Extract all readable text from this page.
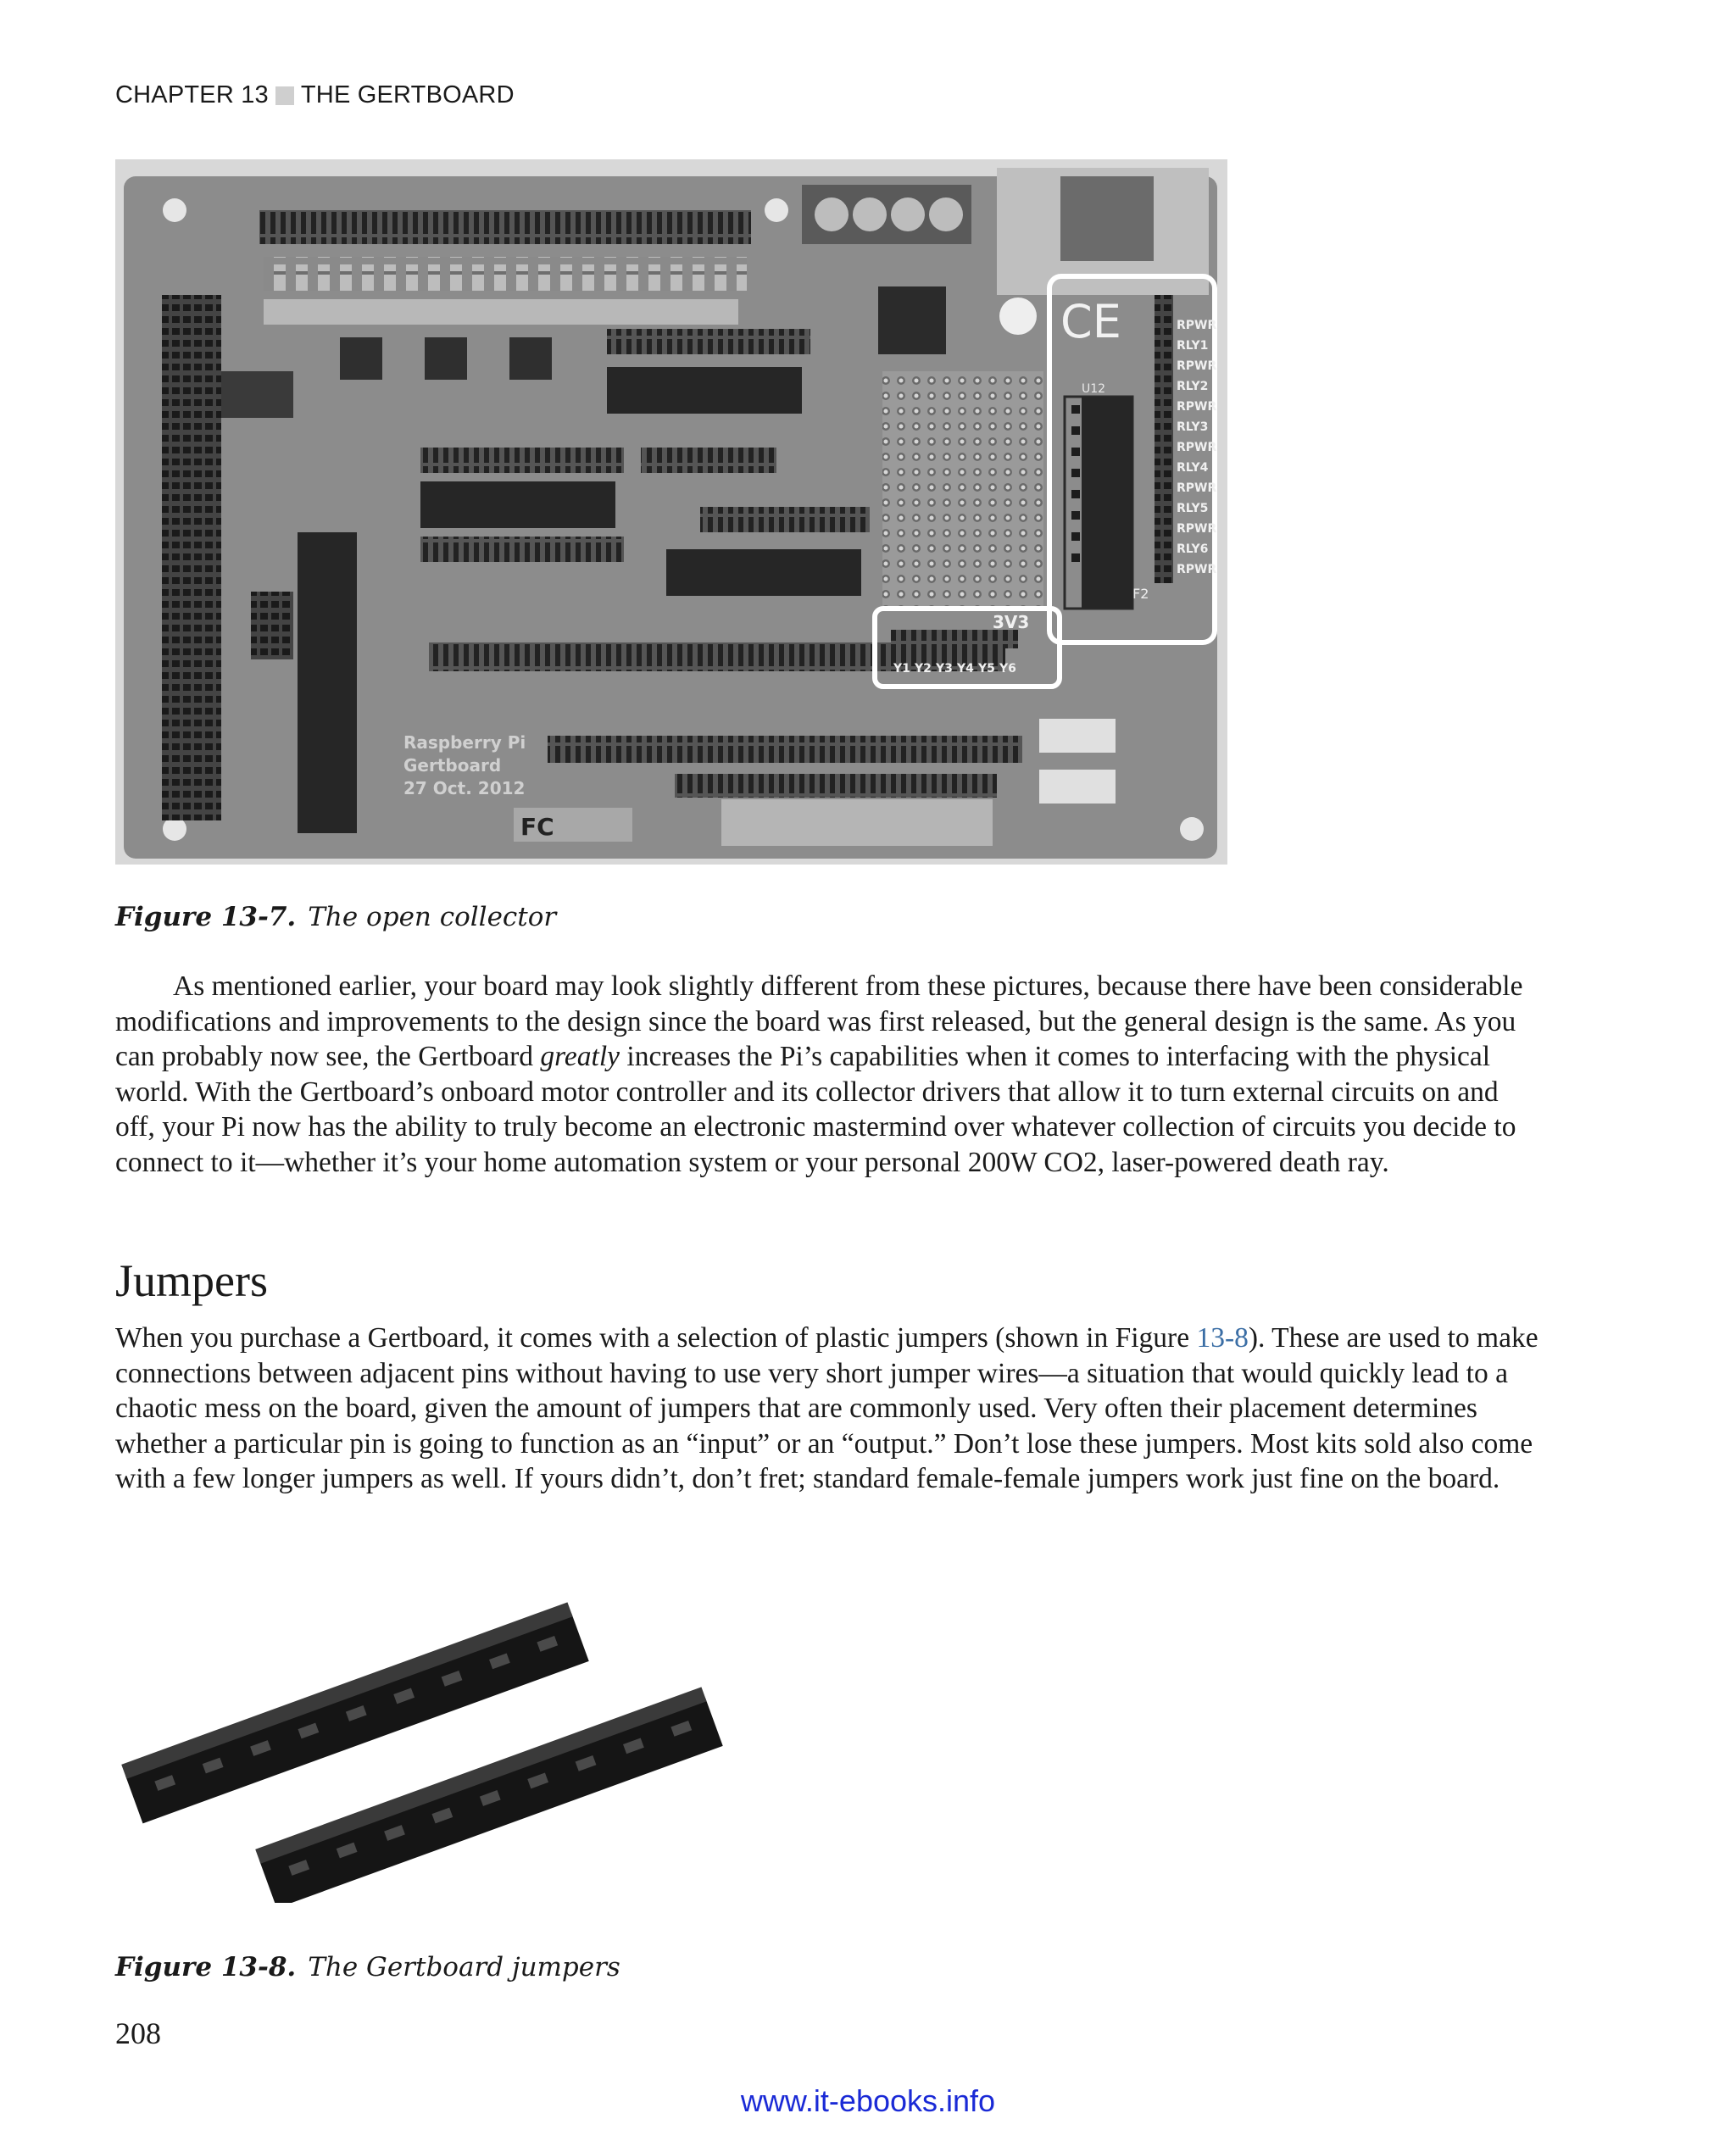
CHAPTER 13 THE GERTBOARD
Raspberry Pi
Gertboard
27 Oct. 2012
FC
CE
U12
F2
RPWR
RLY1
RPWR
RLY2
RPWR
RLY3
RPWR
RLY4
RPWR
RLY5
RPWR
RLY6
RPWR
3V3
Y1 Y2 Y3 Y4 Y5 Y6
Figure 13-7. The open collector

As mentioned earlier, your board may look slightly different from these pictures, because there have been considerable modifications and improvements to the design since the board was first released, but the general design is the same. As you can probably now see, the Gertboard greatly increases the Pi’s capabilities when it comes to interfacing with the physical world. With the Gertboard’s onboard motor controller and its collector drivers that allow it to turn external circuits on and off, your Pi now has the ability to truly become an electronic mastermind over whatever collection of circuits you decide to connect to it—whether it’s your home automation system or your personal 200W CO2, laser-powered death ray.

Jumpers

When you purchase a Gertboard, it comes with a selection of plastic jumpers (shown in Figure 13-8). These are used to make connections between adjacent pins without having to use very short jumper wires—a situation that would quickly lead to a chaotic mess on the board, given the amount of jumpers that are commonly used. Very often their placement determines whether a particular pin is going to function as an “input” or an “output.” Don’t lose these jumpers. Most kits sold also come with a few longer jumpers as well. If yours didn’t, don’t fret; standard female-female jumpers work just fine on the board.

Figure 13-8. The Gertboard jumpers
208
www.it-ebooks.info
